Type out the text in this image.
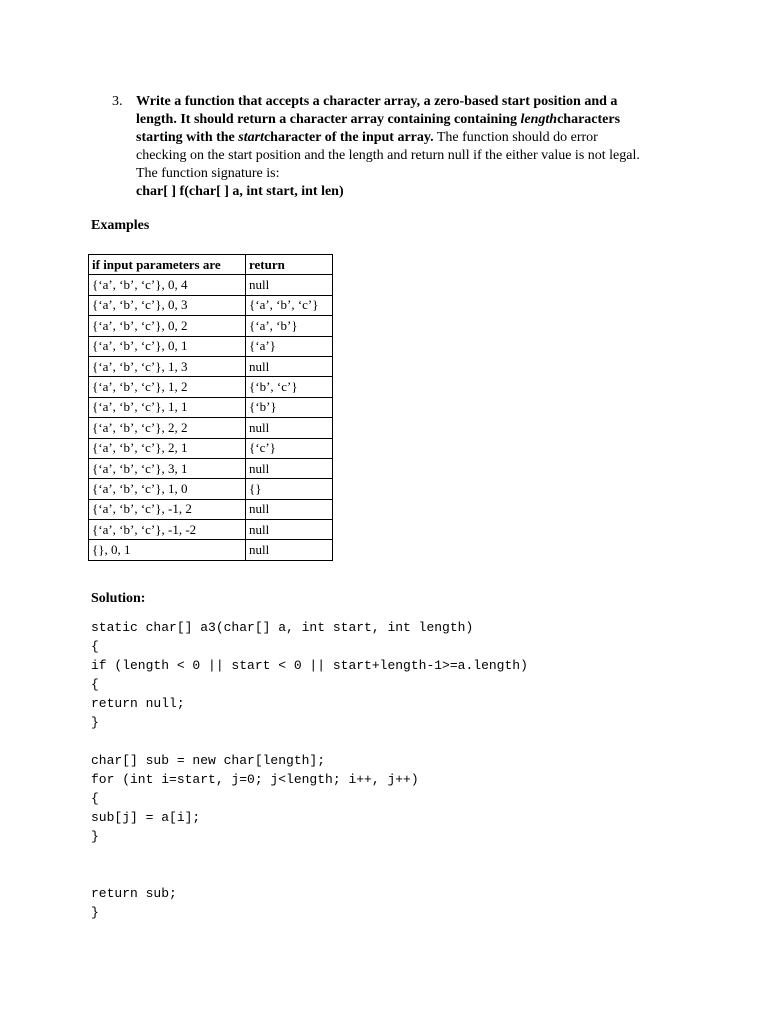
3. Write a function that accepts a character array, a zero-based start position and a
length. It should return a character array containing containing lengthcharacters
starting with the startcharacter of the input array. The function should do error
checking on the start position and the length and return null if the either value is not legal.
The function signature is:
char[ ] f(char[ ] a, int start, int len)
Examples
if input parameters are	return
{‘a’, ‘b’, ‘c’}, 0, 4	null
{‘a’, ‘b’, ‘c’}, 0, 3	{‘a’, ‘b’, ‘c’}
{‘a’, ‘b’, ‘c’}, 0, 2	{‘a’, ‘b’}
{‘a’, ‘b’, ‘c’}, 0, 1	{‘a’}
{‘a’, ‘b’, ‘c’}, 1, 3	null
{‘a’, ‘b’, ‘c’}, 1, 2	{‘b’, ‘c’}
{‘a’, ‘b’, ‘c’}, 1, 1	{‘b’}
{‘a’, ‘b’, ‘c’}, 2, 2	null
{‘a’, ‘b’, ‘c’}, 2, 1	{‘c’}
{‘a’, ‘b’, ‘c’}, 3, 1	null
{‘a’, ‘b’, ‘c’}, 1, 0	{}
{‘a’, ‘b’, ‘c’}, -1, 2	null
{‘a’, ‘b’, ‘c’}, -1, -2	null
{}, 0, 1	null
Solution:
static char[] a3(char[] a, int start, int length)
{
if (length < 0 || start < 0 || start+length-1>=a.length)
{
return null;
}
char[] sub = new char[length];
for (int i=start, j=0; j<length; i++, j++)
{
sub[j] = a[i];
}
return sub;
}
